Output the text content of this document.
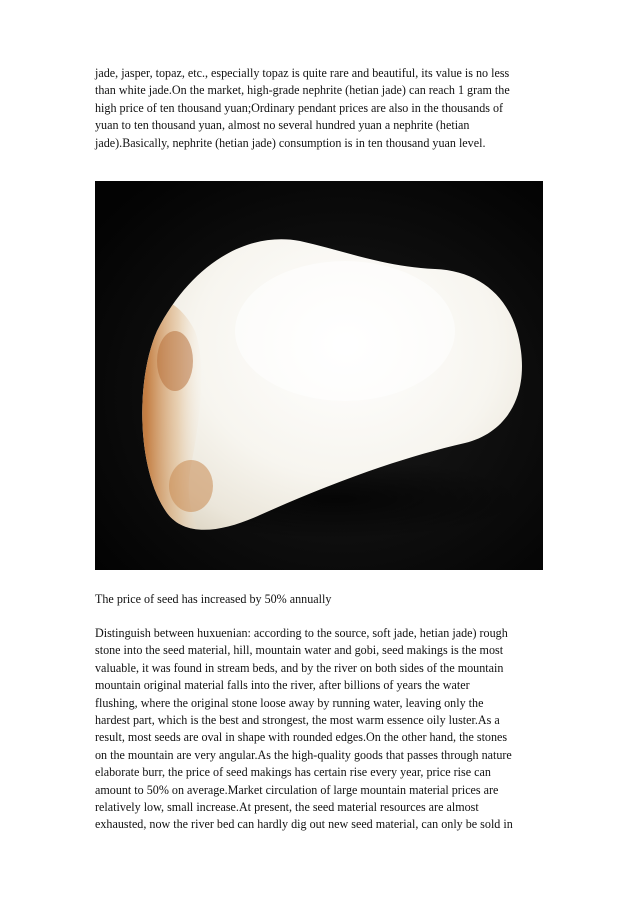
jade, jasper, topaz, etc., especially topaz is quite rare and beautiful, its value is no less
than white jade.On the market, high-grade nephrite (hetian jade) can reach 1 gram the
high price of ten thousand yuan;Ordinary pendant prices are also in the thousands of
yuan to ten thousand yuan, almost no several hundred yuan a nephrite (hetian
jade).Basically, nephrite (hetian jade) consumption is in ten thousand yuan level.

The price of seed has increased by 50% annually

Distinguish between huxuenian: according to the source, soft jade, hetian jade) rough
stone into the seed material, hill, mountain water and gobi, seed makings is the most
valuable, it was found in stream beds, and by the river on both sides of the mountain
mountain original material falls into the river, after billions of years the water
flushing, where the original stone loose away by running water, leaving only the
hardest part, which is the best and strongest, the most warm essence oily luster.As a
result, most seeds are oval in shape with rounded edges.On the other hand, the stones
on the mountain are very angular.As the high-quality goods that passes through nature
elaborate burr, the price of seed makings has certain rise every year, price rise can
amount to 50% on average.Market circulation of large mountain material prices are
relatively low, small increase.At present, the seed material resources are almost
exhausted, now the river bed can hardly dig out new seed material, can only be sold in
